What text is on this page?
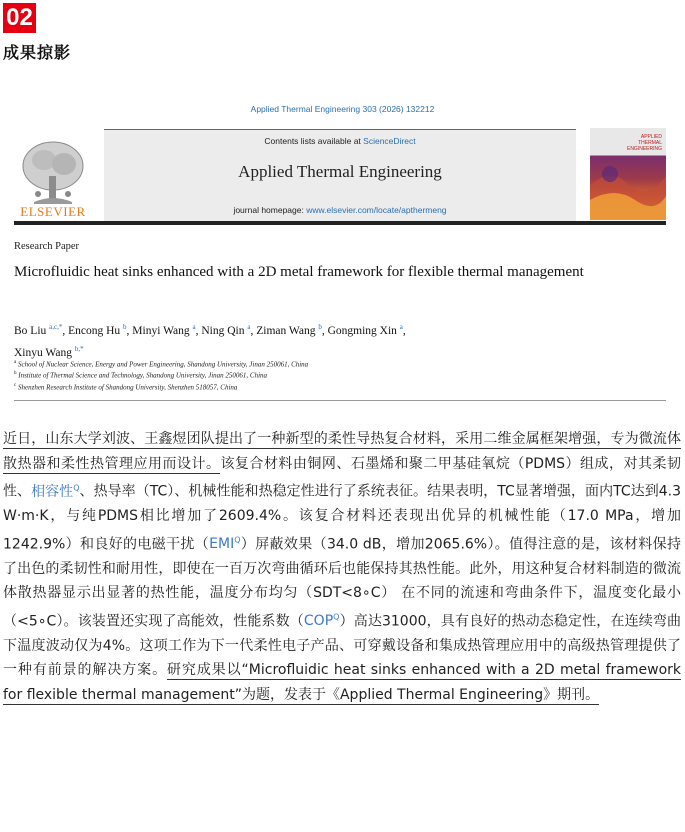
02
成果掠影
Applied Thermal Engineering 303 (2026) 132212
ELSEVIER
Contents lists available at ScienceDirect
Applied Thermal Engineering
journal homepage: www.elsevier.com/locate/apthermeng
APPLIED THERMAL ENGINEERING
Research Paper
Microfluidic heat sinks enhanced with a 2D metal framework for flexible thermal management
Bo Liu $^{a,c,*}$, Encong Hu $^b$, Minyi Wang $^a$, Ning Qin $^a$, Ziman Wang $^b$, Gongming Xin $^a$,
Xinyu Wang $^{b,*}$
$^a$ School of Nuclear Science, Energy and Power Engineering, Shandong University, Jinan 250061, China
$^b$ Institute of Thermal Science and Technology, Shandong University, Jinan 250061, China
$^c$ Shenzhen Research Institute of Shandong University, Shenzhen 518057, China
近日，山东大学刘波、王鑫煜团队提出了一种新型的柔性导热复合材料，采用二维金属框架增强，专为微流体散热器和柔性热管理应用而设计。该复合材料由铜网、石墨烯和聚二甲基硅氧烷（PDMS）组成，对其柔韧性、相容性$^Q$、热导率（TC）、机械性能和热稳定性进行了系统表征。结果表明，TC显著增强，面内TC达到4.3 W·m·K，与纯PDMS相比增加了2609.4%。该复合材料还表现出优异的机械性能（17.0 MPa，增加1242.9%）和良好的电磁干扰$(EMI^Q)$屏蔽效果（34.0 dB，增加2065.6%）。值得注意的是，该材料保持了出色的柔韧性和耐用性，即使在一百万次弯曲循环后也能保持其热性能。此外，用这种复合材料制造的微流体散热器显示出显著的热性能，温度分布均匀（SDT<8∘C） 在不同的流速和弯曲条件下，温度变化最小（<5∘C）。该装置还实现了高能效，性能系数$(COP^Q)$高达31000，具有良好的热动态稳定性，在连续弯曲下温度波动仅为4%。这项工作为下一代柔性电子产品、可穿戴设备和集成热管理应用中的高级热管理提供了一种有前景的解决方案。研究成果以“Microfluidic heat sinks enhanced with a 2D metal framework for flexible thermal management”为题，发表于《Applied Thermal Engineering》期刊。
